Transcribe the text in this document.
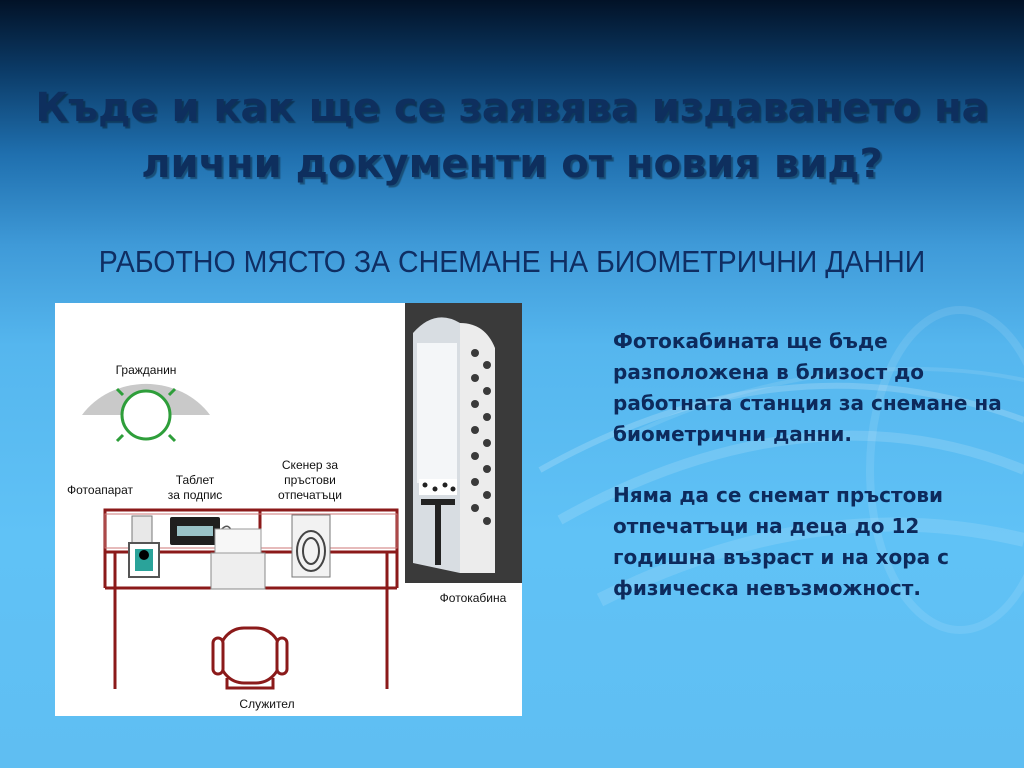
Къде и как ще се заявява издаването на лични документи от новия вид?
РАБОТНО МЯСТО ЗА СНЕМАНЕ НА БИОМЕТРИЧНИ ДАННИ
Гражданин
Фотоапарат
Таблет
за подпис
Скенер за
пръстови
отпечатъци
Служител
Фотокабина

Фотокабината ще бъде разположена в близост до работната станция за снемане на биометрични данни.

Няма да се снемат пръстови отпечатъци на деца до 12 годишна възраст и на хора с физическа невъзможност.
